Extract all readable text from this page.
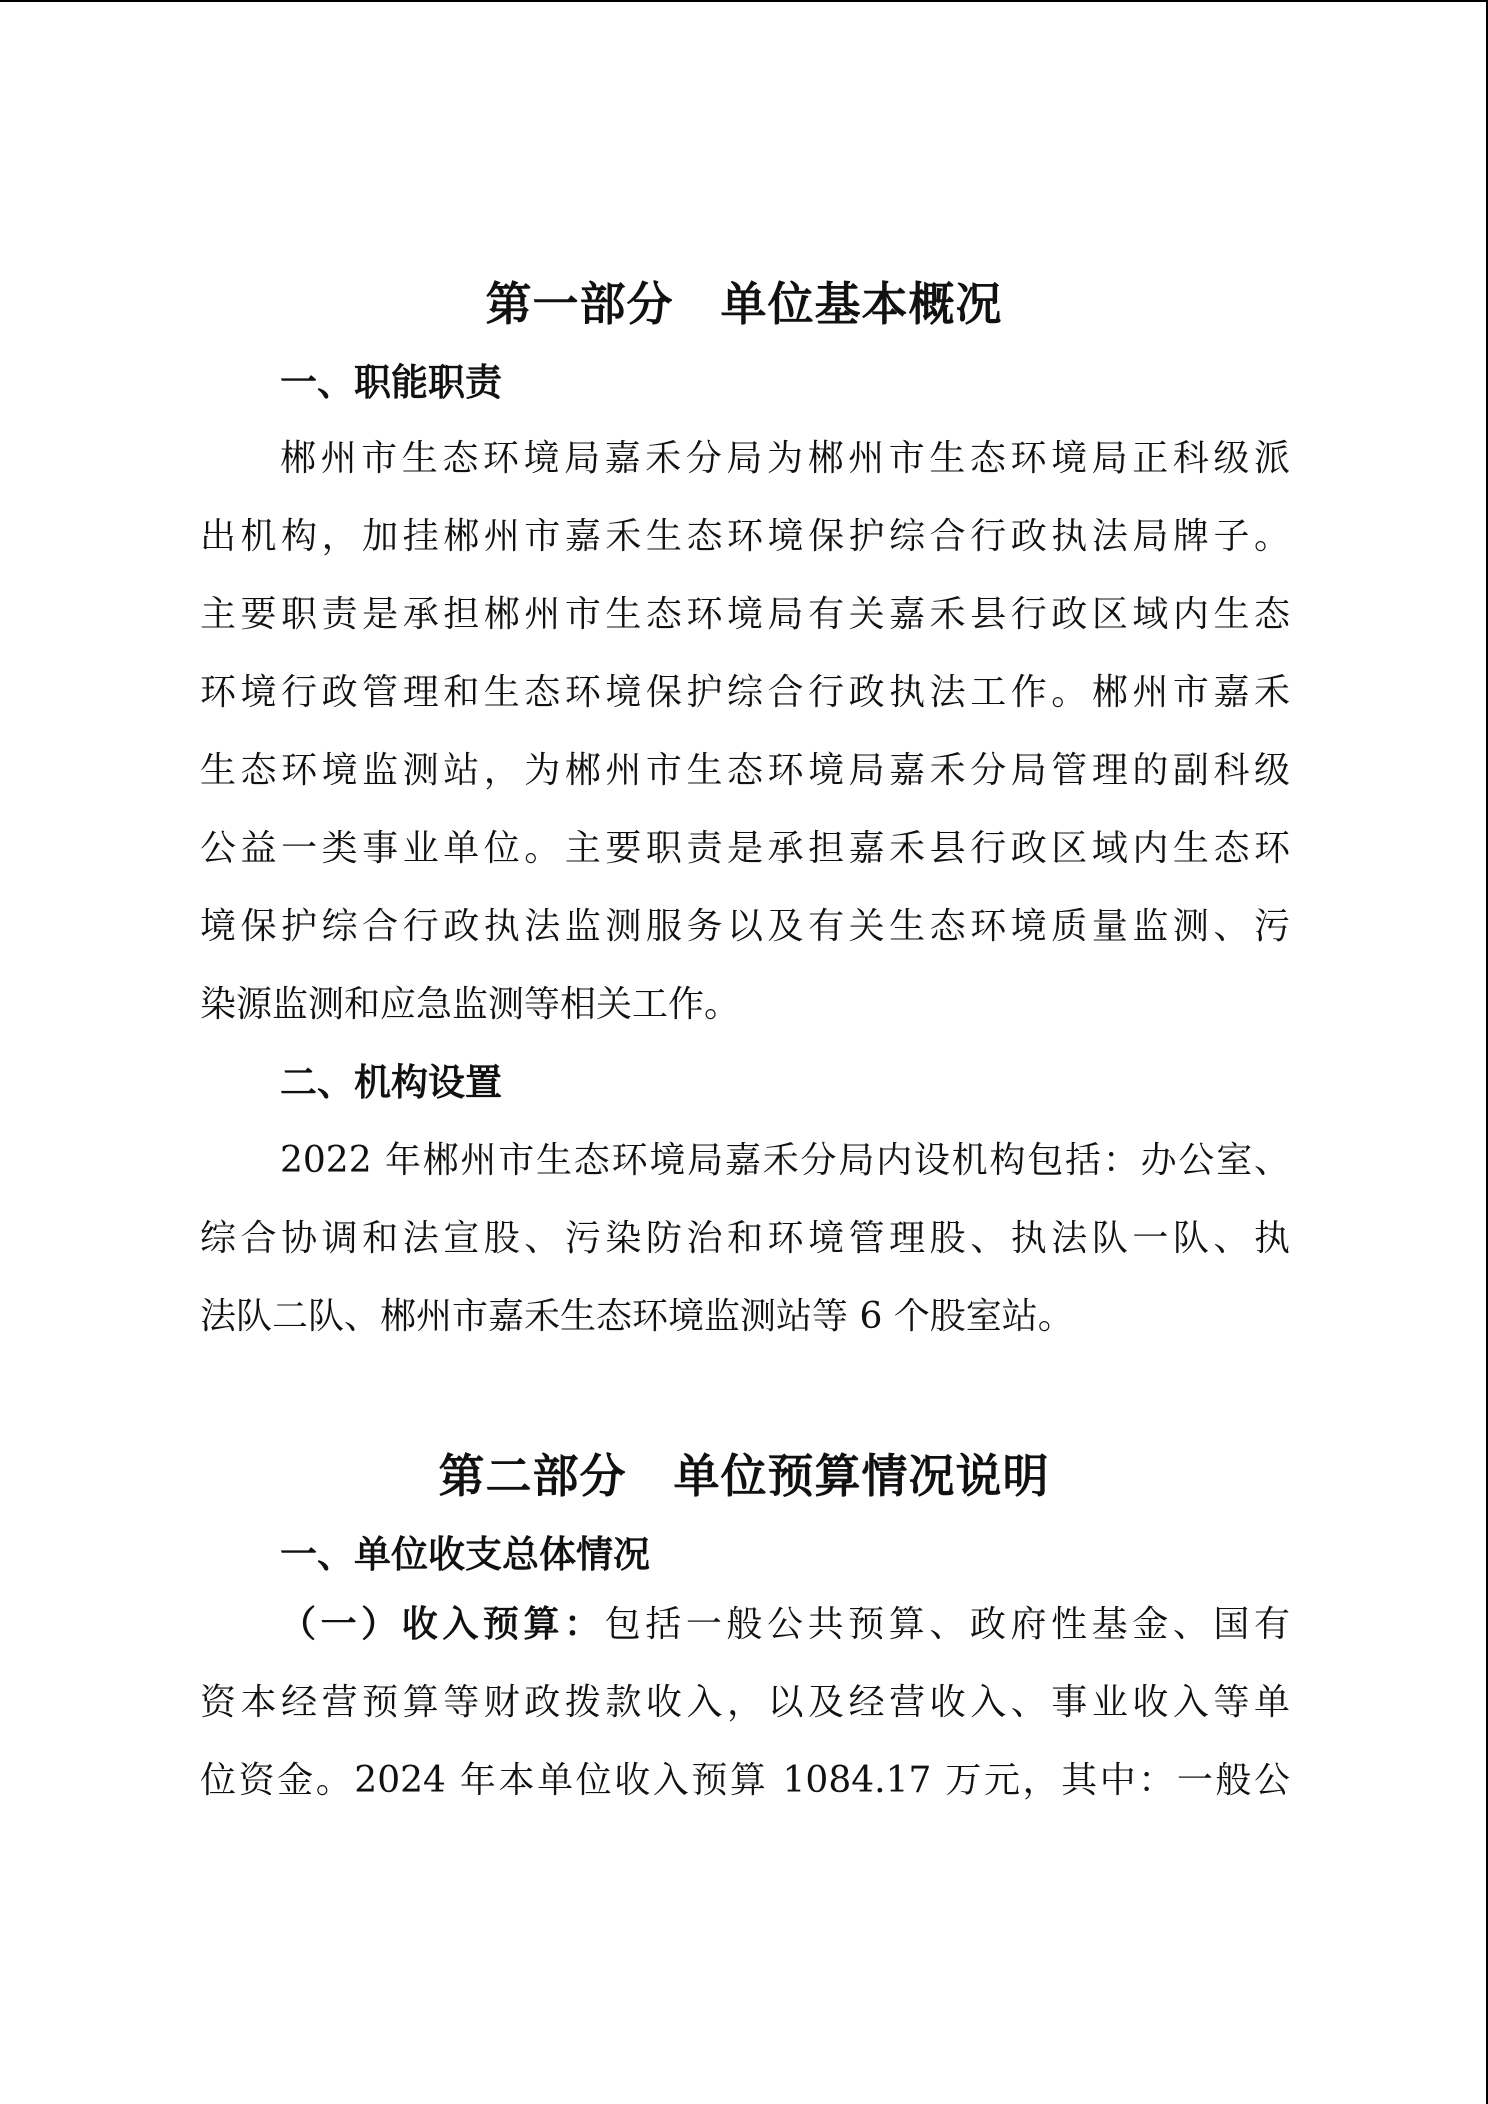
第一部分　单位基本概况
一、职能职责

郴州市生态环境局嘉禾分局为郴州市生态环境局正科级派

出机构，加挂郴州市嘉禾生态环境保护综合行政执法局牌子。

主要职责是承担郴州市生态环境局有关嘉禾县行政区域内生态

环境行政管理和生态环境保护综合行政执法工作。郴州市嘉禾

生态环境监测站，为郴州市生态环境局嘉禾分局管理的副科级

公益一类事业单位。主要职责是承担嘉禾县行政区域内生态环

境保护综合行政执法监测服务以及有关生态环境质量监测、污

染源监测和应急监测等相关工作。

二、机构设置

2022 年郴州市生态环境局嘉禾分局内设机构包括：办公室、

综合协调和法宣股、污染防治和环境管理股、执法队一队、执

法队二队、郴州市嘉禾生态环境监测站等 6 个股室站。

第二部分　单位预算情况说明
一、单位收支总体情况

（一）收入预算：包括一般公共预算、政府性基金、国有

资本经营预算等财政拨款收入，以及经营收入、事业收入等单

位资金。2024 年本单位收入预算 1084.17 万元，其中：一般公
